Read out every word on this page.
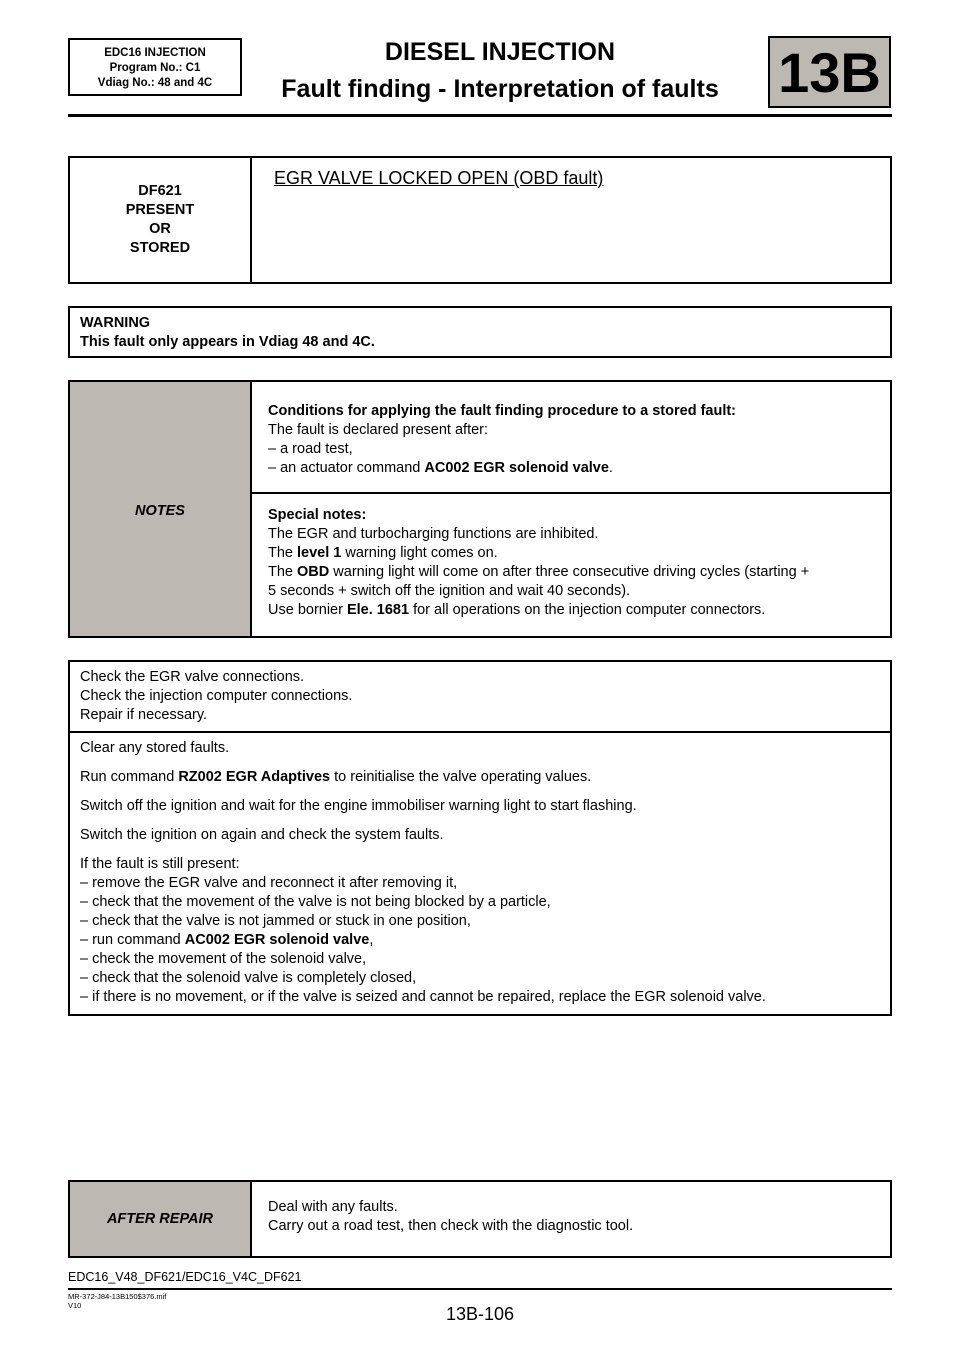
EDC16 INJECTION
Program No.: C1
Vdiag No.: 48 and 4C
DIESEL INJECTION
Fault finding - Interpretation of faults	13B
DF621
PRESENT
OR
STORED
EGR VALVE LOCKED OPEN (OBD fault)
WARNING
This fault only appears in Vdiag 48 and 4C.
NOTES
Conditions for applying the fault finding procedure to a stored fault:
The fault is declared present after:
– a road test,
– an actuator command AC002 EGR solenoid valve.
Special notes:
The EGR and turbocharging functions are inhibited.
The level 1 warning light comes on.
The OBD warning light will come on after three consecutive driving cycles (starting +
5 seconds + switch off the ignition and wait 40 seconds).
Use bornier Ele. 1681 for all operations on the injection computer connectors.
Check the EGR valve connections.
Check the injection computer connections.
Repair if necessary.

Clear any stored faults.

Run command RZ002 EGR Adaptives to reinitialise the valve operating values.

Switch off the ignition and wait for the engine immobiliser warning light to start flashing.

Switch the ignition on again and check the system faults.

If the fault is still present:
– remove the EGR valve and reconnect it after removing it,
– check that the movement of the valve is not being blocked by a particle,
– check that the valve is not jammed or stuck in one position,
– run command AC002 EGR solenoid valve,
– check the movement of the solenoid valve,
– check that the solenoid valve is completely closed,
– if there is no movement, or if the valve is seized and cannot be repaired, replace the EGR solenoid valve.
AFTER REPAIR
Deal with any faults.
Carry out a road test, then check with the diagnostic tool.
EDC16_V48_DF621/EDC16_V4C_DF621
MR-372-J84-13B150$376.mif
V10	13B-106
